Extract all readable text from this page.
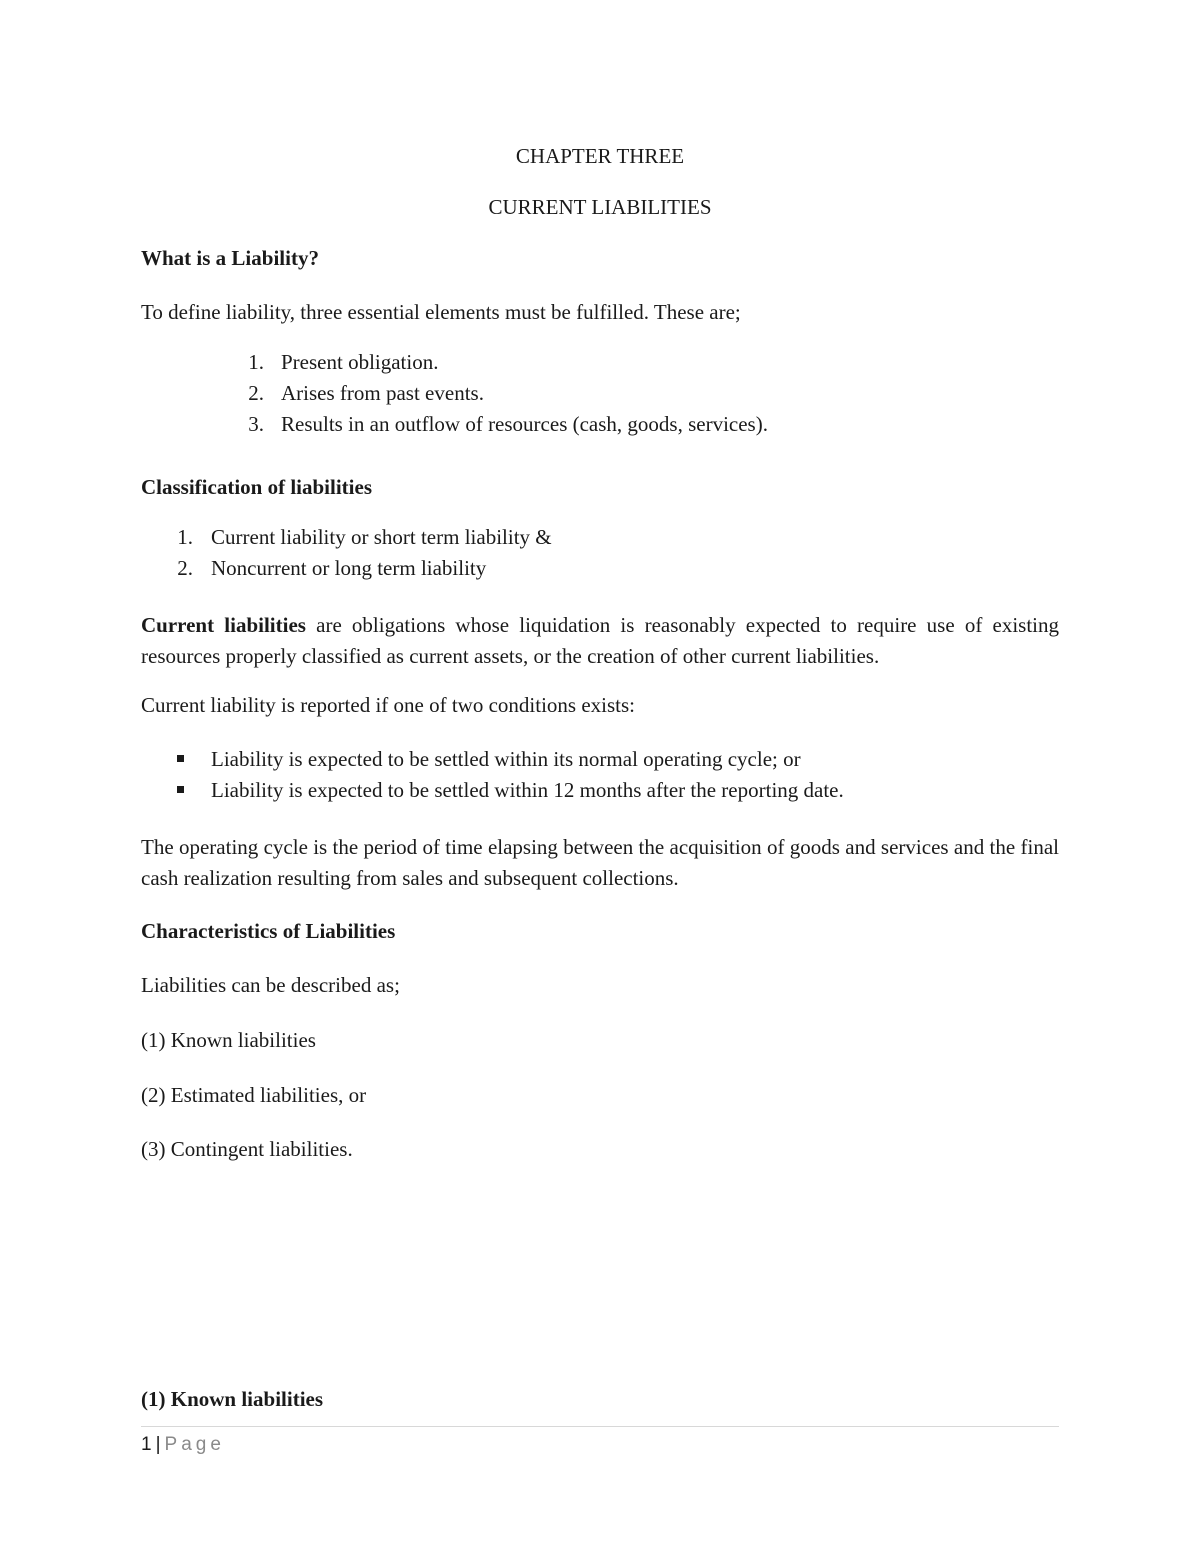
CHAPTER THREE
CURRENT LIABILITIES
What is a Liability?
To define liability, three essential elements must be fulfilled. These are;
1. Present obligation.
2. Arises from past events.
3. Results in an outflow of resources (cash, goods, services).
Classification of liabilities
1. Current liability or short term liability &
2. Noncurrent or long term liability
Current liabilities are obligations whose liquidation is reasonably expected to require use of existing resources properly classified as current assets, or the creation of other current liabilities.
Current liability is reported if one of two conditions exists:
Liability is expected to be settled within its normal operating cycle; or
Liability is expected to be settled within 12 months after the reporting date.
The operating cycle is the period of time elapsing between the acquisition of goods and services and the final cash realization resulting from sales and subsequent collections.
Characteristics of Liabilities
Liabilities can be described as;
(1) Known liabilities
(2) Estimated liabilities, or
(3) Contingent liabilities.
(1) Known liabilities
1 | Page
